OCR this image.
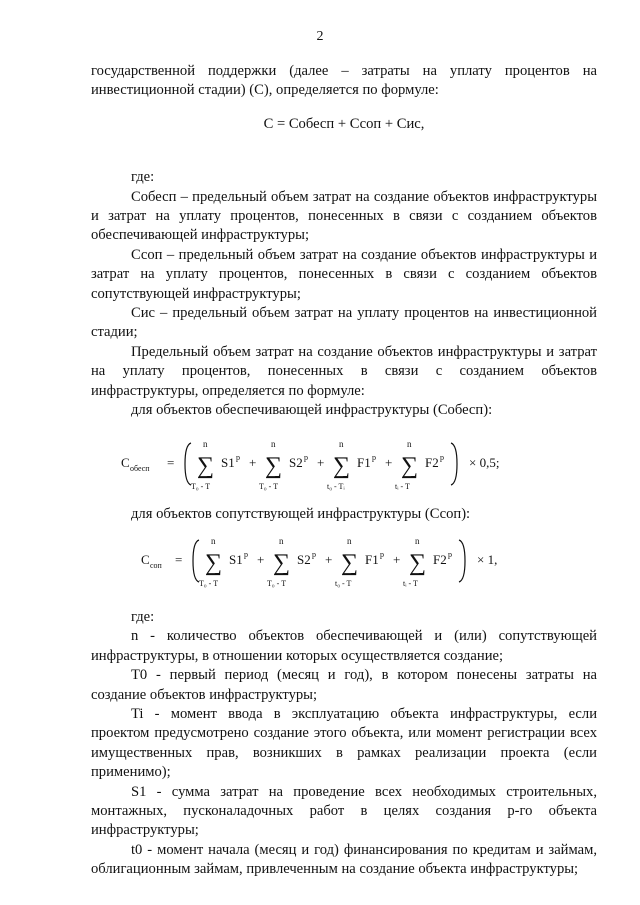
2

государственной поддержки (далее – затраты на уплату процентов на инвестиционной стадии) (С), определяется по формуле:

С = Собесп + Ссоп + Сис,

где:

Собесп – предельный объем затрат на создание объектов инфраструктуры и затрат на уплату процентов, понесенных в связи с созданием объектов обеспечивающей инфраструктуры;

Ссоп – предельный объем затрат на создание объектов инфраструктуры и затрат на уплату процентов, понесенных в связи с созданием объектов сопутствующей инфраструктуры;

Сис – предельный объем затрат на уплату процентов на инвестиционной стадии;

Предельный объем затрат на создание объектов инфраструктуры и затрат на уплату процентов, понесенных в связи с созданием объектов инфраструктуры, определяется по формуле:

для объектов обеспечивающей инфраструктуры (Собесп):

C обесп =
n
∑
T₀ - T
S1 p +
n
∑
T₀ - T
S2 p +
n
∑
t₀ - Tᵢ
F1 p +
n
∑
tᵢ - T
F2 p × 0,5;

для объектов сопутствующей инфраструктуры (Ссоп):

C соп =
n
∑
T₀ - T
S1 p +
n
∑
T₀ - T
S2 p +
n
∑
t₀ - T
F1 p +
n
∑
tᵢ - T
F2 p × 1,

где:

n - количество объектов обеспечивающей и (или) сопутствующей инфраструктуры, в отношении которых осуществляется создание;

T0 - первый период (месяц и год), в котором понесены затраты на создание объектов инфраструктуры;

Ti - момент ввода в эксплуатацию объекта инфраструктуры, если проектом предусмотрено создание этого объекта, или момент регистрации всех имущественных прав, возникших в рамках реализации проекта (если применимо);

S1 - сумма затрат на проведение всех необходимых строительных, монтажных, пусконаладочных работ в целях создания p-го объекта инфраструктуры;

t0 - момент начала (месяц и год) финансирования по кредитам и займам, облигационным займам, привлеченным на создание объекта инфраструктуры;
